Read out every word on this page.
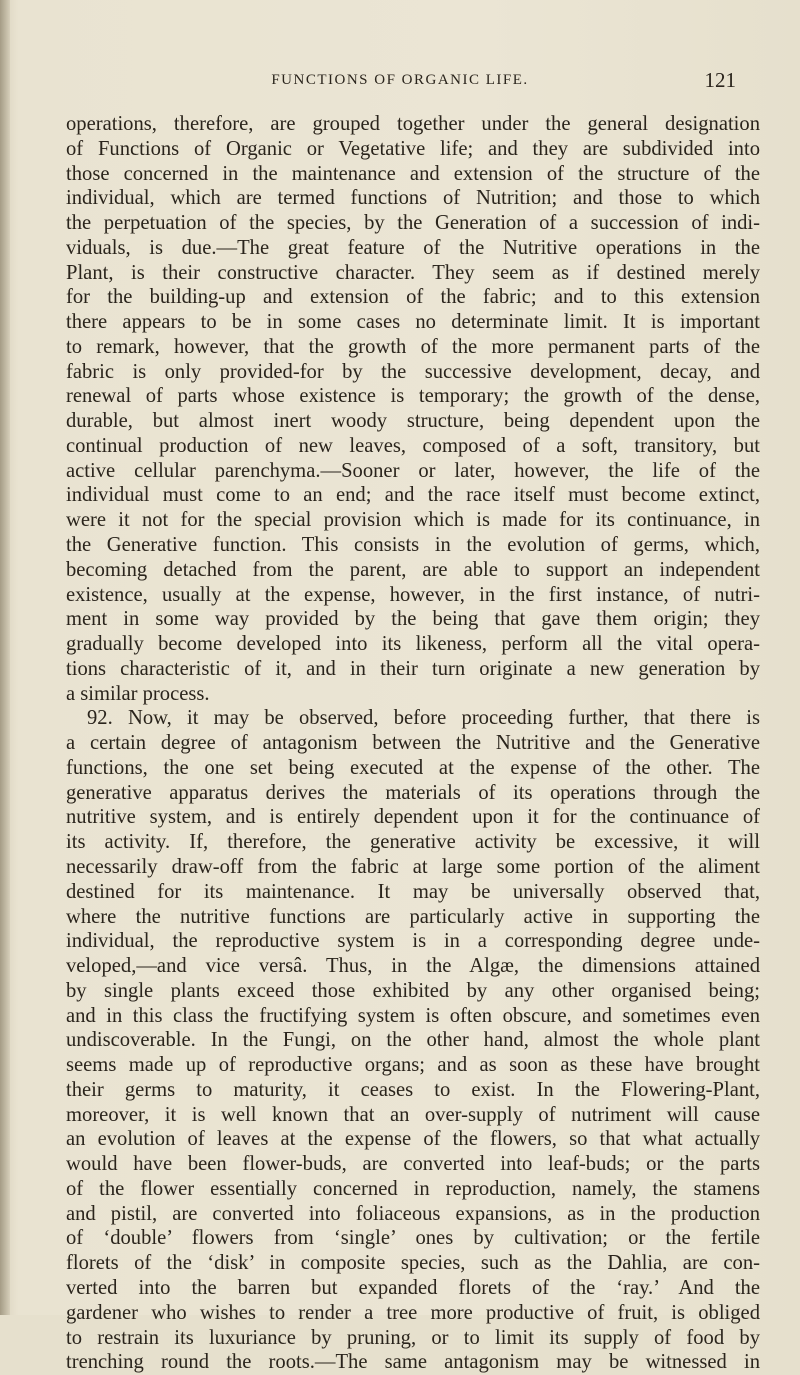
FUNCTIONS OF ORGANIC LIFE.	121
operations, therefore, are grouped together under the general designation
of Functions of Organic or Vegetative life; and they are subdivided into
those concerned in the maintenance and extension of the structure of the
individual, which are termed functions of Nutrition; and those to which
the perpetuation of the species, by the Generation of a succession of indi-
viduals, is due.—The great feature of the Nutritive operations in the
Plant, is their constructive character. They seem as if destined merely
for the building-up and extension of the fabric; and to this extension
there appears to be in some cases no determinate limit. It is important
to remark, however, that the growth of the more permanent parts of the
fabric is only provided-for by the successive development, decay, and
renewal of parts whose existence is temporary; the growth of the dense,
durable, but almost inert woody structure, being dependent upon the
continual production of new leaves, composed of a soft, transitory, but
active cellular parenchyma.—Sooner or later, however, the life of the
individual must come to an end; and the race itself must become extinct,
were it not for the special provision which is made for its continuance, in
the Generative function. This consists in the evolution of germs, which,
becoming detached from the parent, are able to support an independent
existence, usually at the expense, however, in the first instance, of nutri-
ment in some way provided by the being that gave them origin; they
gradually become developed into its likeness, perform all the vital opera-
tions characteristic of it, and in their turn originate a new generation by
a similar process.
92. Now, it may be observed, before proceeding further, that there is
a certain degree of antagonism between the Nutritive and the Generative
functions, the one set being executed at the expense of the other. The
generative apparatus derives the materials of its operations through the
nutritive system, and is entirely dependent upon it for the continuance of
its activity. If, therefore, the generative activity be excessive, it will
necessarily draw-off from the fabric at large some portion of the aliment
destined for its maintenance. It may be universally observed that,
where the nutritive functions are particularly active in supporting the
individual, the reproductive system is in a corresponding degree unde-
veloped,—and vice versâ. Thus, in the Algæ, the dimensions attained
by single plants exceed those exhibited by any other organised being;
and in this class the fructifying system is often obscure, and sometimes even
undiscoverable. In the Fungi, on the other hand, almost the whole plant
seems made up of reproductive organs; and as soon as these have brought
their germs to maturity, it ceases to exist. In the Flowering-Plant,
moreover, it is well known that an over-supply of nutriment will cause
an evolution of leaves at the expense of the flowers, so that what actually
would have been flower-buds, are converted into leaf-buds; or the parts
of the flower essentially concerned in reproduction, namely, the stamens
and pistil, are converted into foliaceous expansions, as in the production
of ‘double’ flowers from ‘single’ ones by cultivation; or the fertile
florets of the ‘disk’ in composite species, such as the Dahlia, are con-
verted into the barren but expanded florets of the ‘ray.’ And the
gardener who wishes to render a tree more productive of fruit, is obliged
to restrain its luxuriance by pruning, or to limit its supply of food by
trenching round the roots.—The same antagonism may be witnessed in
